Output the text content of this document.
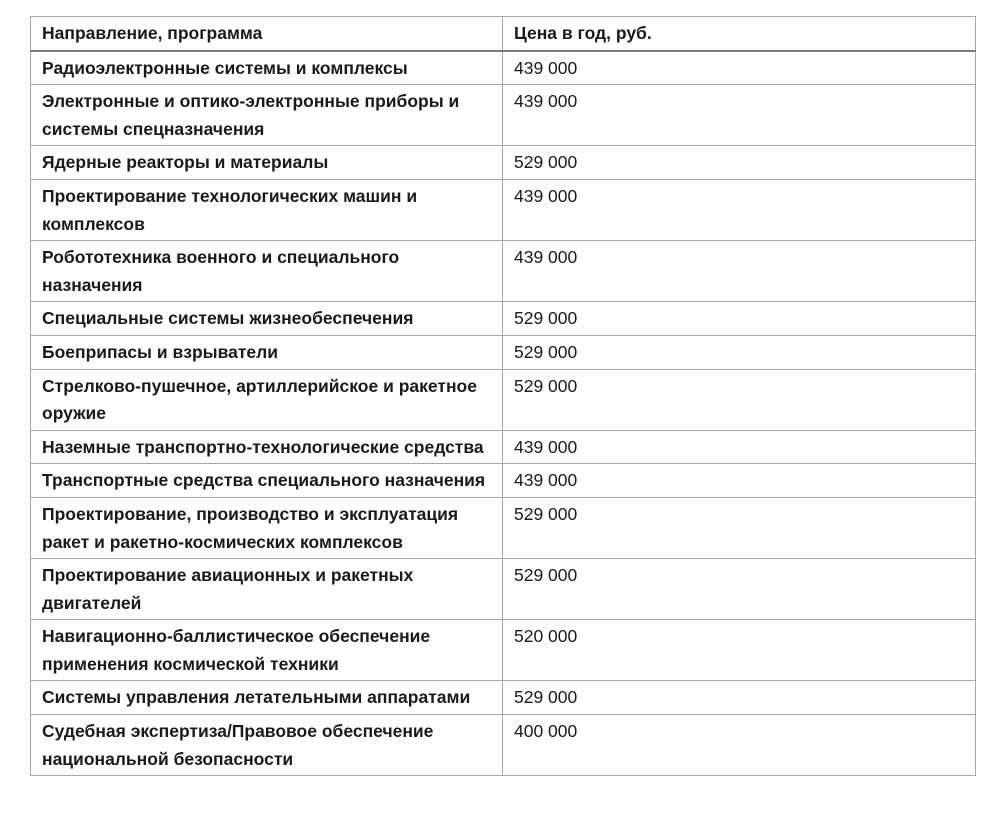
Направление, программа	Цена в год, руб.
Радиоэлектронные системы и комплексы	439 000
Электронные и оптико-электронные приборы и системы спецназначения	439 000
Ядерные реакторы и материалы	529 000
Проектирование технологических машин и комплексов	439 000
Робототехника военного и специального назначения	439 000
Специальные системы жизнеобеспечения	529 000
Боеприпасы и взрыватели	529 000
Стрелково-пушечное, артиллерийское и ракетное оружие	529 000
Наземные транспортно-технологические средства	439 000
Транспортные средства специального назначения	439 000
Проектирование, производство и эксплуатация ракет и ракетно-космических комплексов	529 000
Проектирование авиационных и ракетных двигателей	529 000
Навигационно-баллистическое обеспечение применения космической техники	520 000
Системы управления летательными аппаратами	529 000
Судебная экспертиза/Правовое обеспечение национальной безопасности	400 000
